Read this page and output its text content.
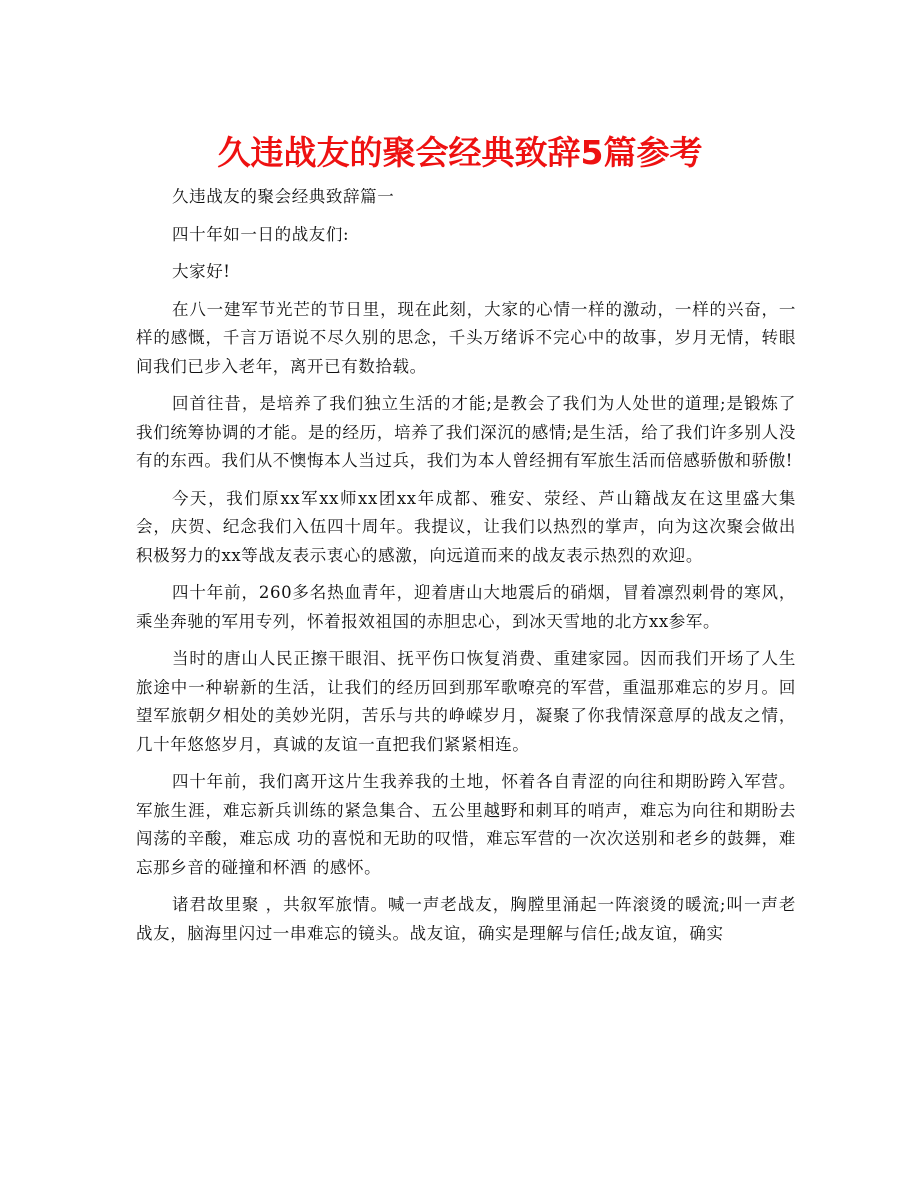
久违战友的聚会经典致辞5篇参考

久违战友的聚会经典致辞篇一

四十年如一日的战友们:

大家好!

在八一建军节光芒的节日里，现在此刻，大家的心情一样的激动，一样的兴奋，一样的感慨，千言万语说不尽久别的思念，千头万绪诉不完心中的故事，岁月无情，转眼间我们已步入老年，离开已有数拾载。

回首往昔，是培养了我们独立生活的才能;是教会了我们为人处世的道理;是锻炼了我们统筹协调的才能。是的经历，培养了我们深沉的感情;是生活，给了我们许多别人没有的东西。我们从不懊悔本人当过兵，我们为本人曾经拥有军旅生活而倍感骄傲和骄傲!

今天，我们原xx军xx师xx团xx年成都、雅安、荥经、芦山籍战友在这里盛大集会，庆贺、纪念我们入伍四十周年。我提议，让我们以热烈的掌声，向为这次聚会做出积极努力的xx等战友表示衷心的感激，向远道而来的战友表示热烈的欢迎。

四十年前，260多名热血青年，迎着唐山大地震后的硝烟，冒着凛烈刺骨的寒风，乘坐奔驰的军用专列，怀着报效祖国的赤胆忠心，到冰天雪地的北方xx参军。

当时的唐山人民正擦干眼泪、抚平伤口恢复消费、重建家园。因而我们开场了人生旅途中一种崭新的生活，让我们的经历回到那军歌嘹亮的军营，重温那难忘的岁月。回望军旅朝夕相处的美妙光阴，苦乐与共的峥嵘岁月，凝聚了你我情深意厚的战友之情，几十年悠悠岁月，真诚的友谊一直把我们紧紧相连。

四十年前，我们离开这片生我养我的土地，怀着各自青涩的向往和期盼跨入军营。军旅生涯，难忘新兵训练的紧急集合、五公里越野和刺耳的哨声，难忘为向往和期盼去闯荡的辛酸，难忘成 功的喜悦和无助的叹惜，难忘军营的一次次送别和老乡的鼓舞，难忘那乡音的碰撞和杯酒 的感怀。

诸君故里聚 ，共叙军旅情。喊一声老战友，胸膛里涌起一阵滚烫的暖流;叫一声老战友，脑海里闪过一串难忘的镜头。战友谊，确实是理解与信任;战友谊，确实
